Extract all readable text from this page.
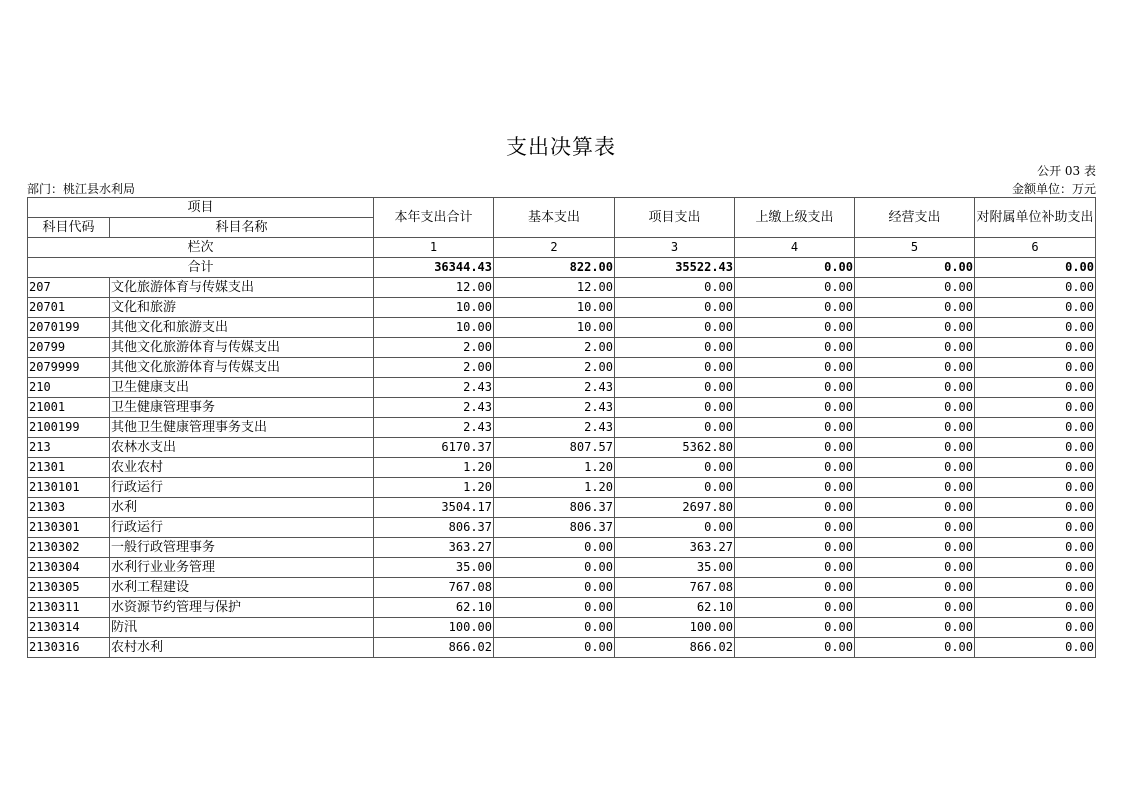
支出决算表
公开 03 表
部门：桃江县水利局	金额单位：万元
项目		本年支出合计	基本支出	项目支出	上缴上级支出	经营支出	对附属单位补助支出
科目代码	科目名称						
栏次		1	2	3	4	5	6
合计		36344.43	822.00	35522.43	0.00	0.00	0.00
207	文化旅游体育与传媒支出	12.00	12.00	0.00	0.00	0.00	0.00
20701	文化和旅游	10.00	10.00	0.00	0.00	0.00	0.00
2070199	其他文化和旅游支出	10.00	10.00	0.00	0.00	0.00	0.00
20799	其他文化旅游体育与传媒支出	2.00	2.00	0.00	0.00	0.00	0.00
2079999	其他文化旅游体育与传媒支出	2.00	2.00	0.00	0.00	0.00	0.00
210	卫生健康支出	2.43	2.43	0.00	0.00	0.00	0.00
21001	卫生健康管理事务	2.43	2.43	0.00	0.00	0.00	0.00
2100199	其他卫生健康管理事务支出	2.43	2.43	0.00	0.00	0.00	0.00
213	农林水支出	6170.37	807.57	5362.80	0.00	0.00	0.00
21301	农业农村	1.20	1.20	0.00	0.00	0.00	0.00
2130101	行政运行	1.20	1.20	0.00	0.00	0.00	0.00
21303	水利	3504.17	806.37	2697.80	0.00	0.00	0.00
2130301	行政运行	806.37	806.37	0.00	0.00	0.00	0.00
2130302	一般行政管理事务	363.27	0.00	363.27	0.00	0.00	0.00
2130304	水利行业业务管理	35.00	0.00	35.00	0.00	0.00	0.00
2130305	水利工程建设	767.08	0.00	767.08	0.00	0.00	0.00
2130311	水资源节约管理与保护	62.10	0.00	62.10	0.00	0.00	0.00
2130314	防汛	100.00	0.00	100.00	0.00	0.00	0.00
2130316	农村水利	866.02	0.00	866.02	0.00	0.00	0.00
